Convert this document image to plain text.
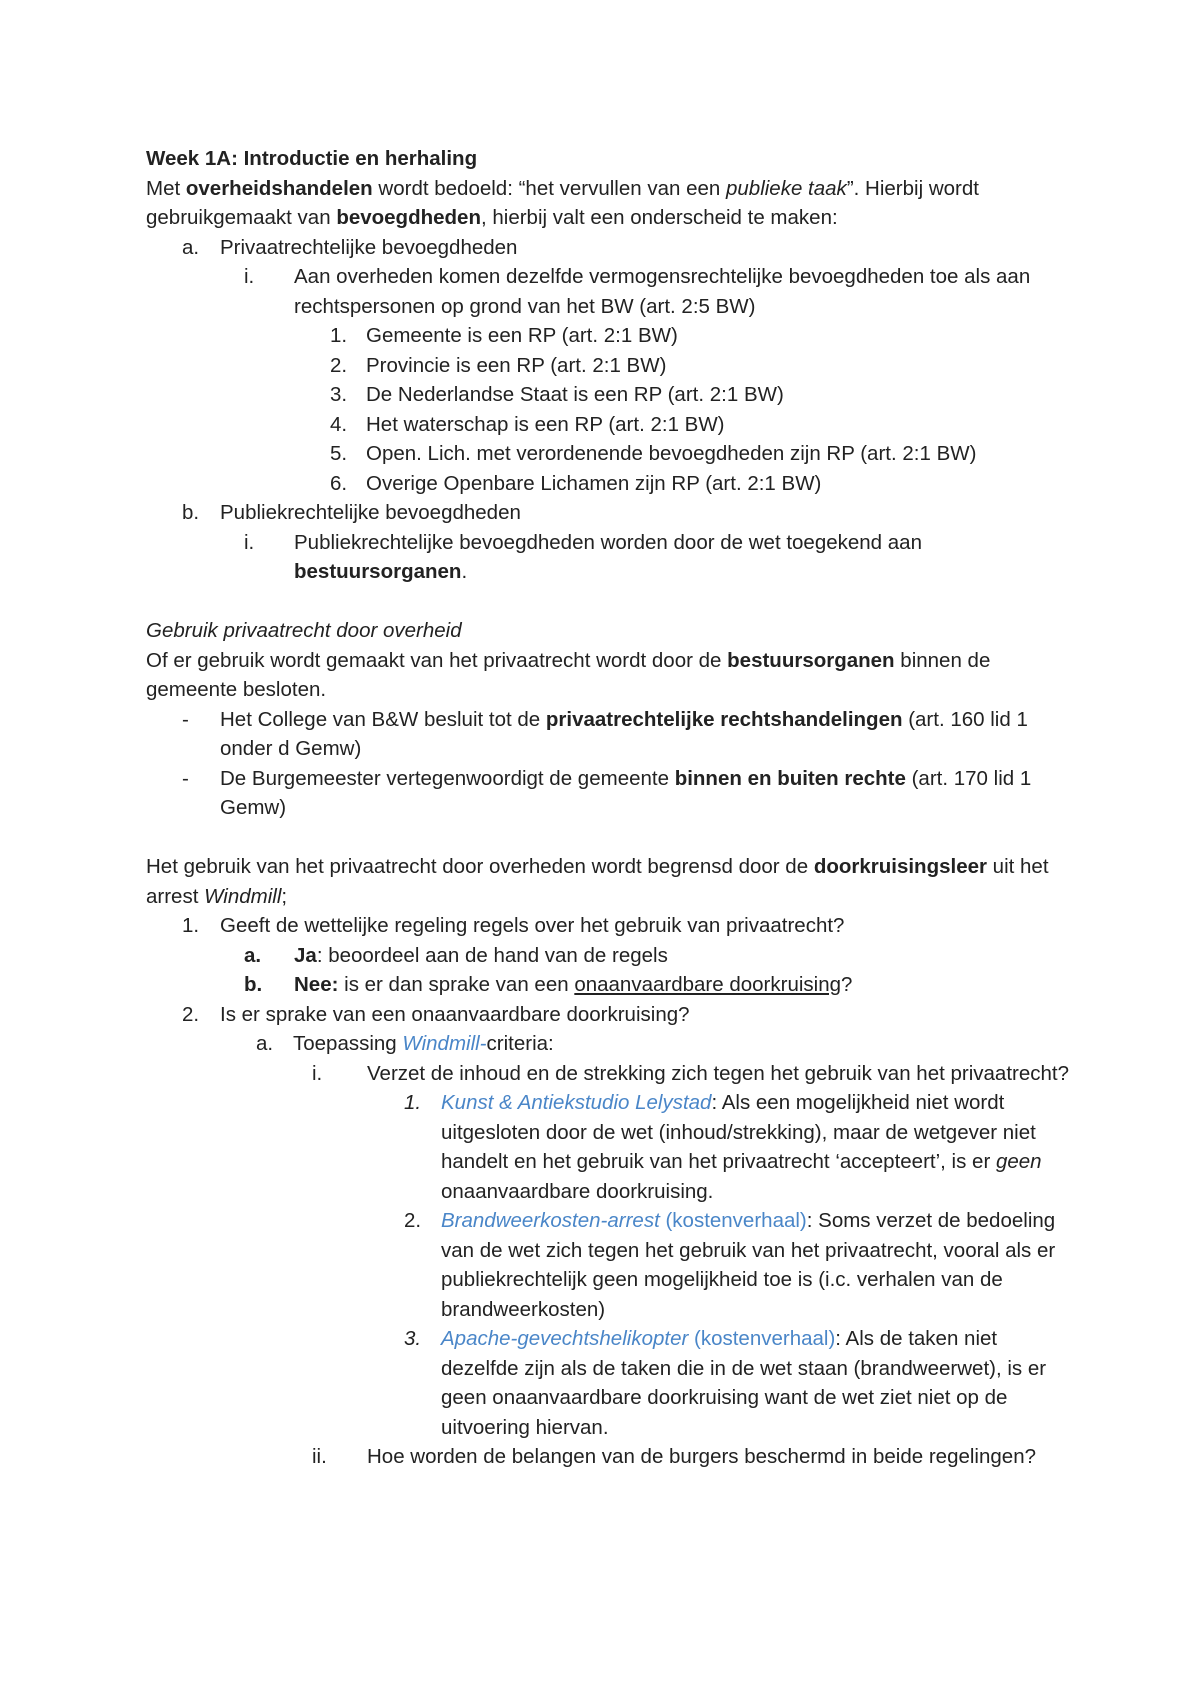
Week 1A: Introductie en herhaling

Met overheidshandelen wordt bedoeld: “het vervullen van een publieke taak”. Hierbij wordt gebruikgemaakt van bevoegdheden, hierbij valt een onderscheid te maken:

a. Privaatrechtelijke bevoegdheden
i. Aan overheden komen dezelfde vermogensrechtelijke bevoegdheden toe als aan rechtspersonen op grond van het BW (art. 2:5 BW)
1. Gemeente is een RP (art. 2:1 BW)
2. Provincie is een RP (art. 2:1 BW)
3. De Nederlandse Staat is een RP (art. 2:1 BW)
4. Het waterschap is een RP (art. 2:1 BW)
5. Open. Lich. met verordenende bevoegdheden zijn RP (art. 2:1 BW)
6. Overige Openbare Lichamen zijn RP (art. 2:1 BW)
b. Publiekrechtelijke bevoegdheden
i. Publiekrechtelijke bevoegdheden worden door de wet toegekend aan bestuursorganen.

Gebruik privaatrecht door overheid

Of er gebruik wordt gemaakt van het privaatrecht wordt door de bestuursorganen binnen de gemeente besloten.

- Het College van B&W besluit tot de privaatrechtelijke rechtshandelingen (art. 160 lid 1 onder d Gemw)
- De Burgemeester vertegenwoordigt de gemeente binnen en buiten rechte (art. 170 lid 1 Gemw)

Het gebruik van het privaatrecht door overheden wordt begrensd door de doorkruisingsleer uit het arrest Windmill;

1. Geeft de wettelijke regeling regels over het gebruik van privaatrecht?
a. Ja: beoordeel aan de hand van de regels
b. Nee: is er dan sprake van een onaanvaardbare doorkruising?
2. Is er sprake van een onaanvaardbare doorkruising?
a. Toepassing Windmill-criteria:
i. Verzet de inhoud en de strekking zich tegen het gebruik van het privaatrecht?
1. Kunst & Antiekstudio Lelystad: Als een mogelijkheid niet wordt uitgesloten door de wet (inhoud/strekking), maar de wetgever niet handelt en het gebruik van het privaatrecht ‘accepteert’, is er geen onaanvaardbare doorkruising.
2. Brandweerkosten-arrest (kostenverhaal): Soms verzet de bedoeling van de wet zich tegen het gebruik van het privaatrecht, vooral als er publiekrechtelijk geen mogelijkheid toe is (i.c. verhalen van de brandweerkosten)
3. Apache-gevechtshelikopter (kostenverhaal): Als de taken niet dezelfde zijn als de taken die in de wet staan (brandweerwet), is er geen onaanvaardbare doorkruising want de wet ziet niet op de uitvoering hiervan.
ii. Hoe worden de belangen van de burgers beschermd in beide regelingen?
